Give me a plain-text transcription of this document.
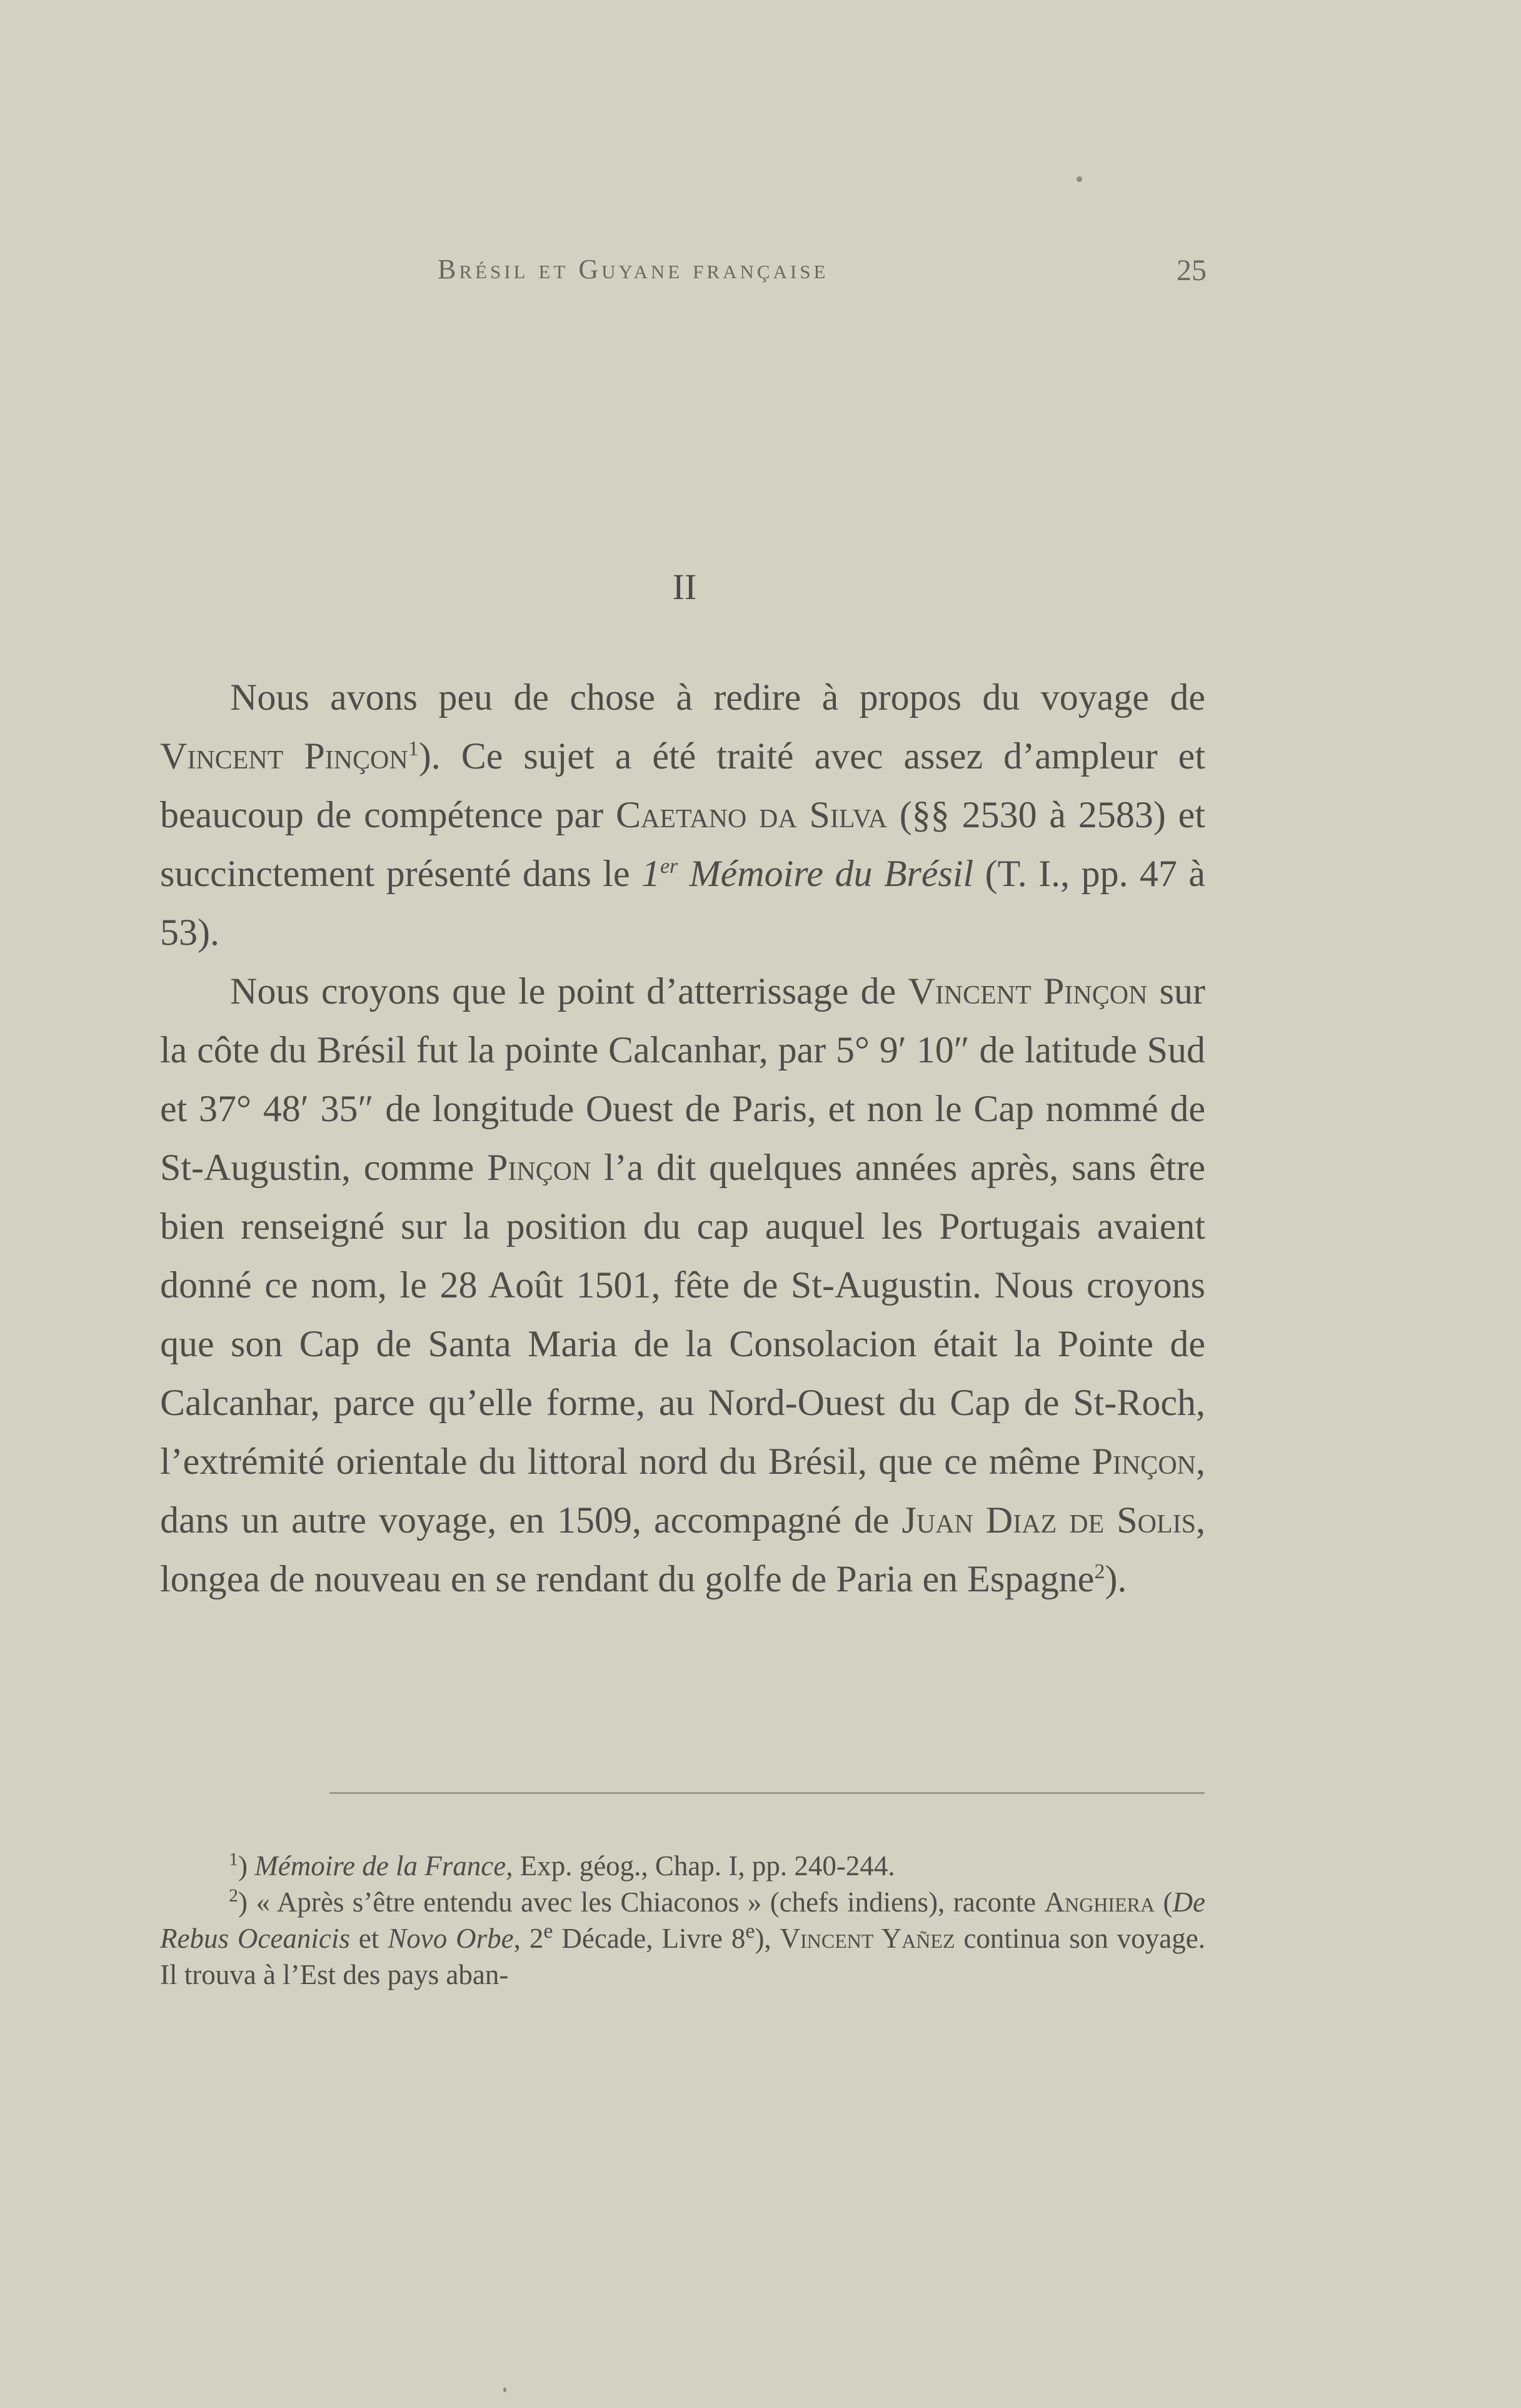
Brésil et Guyane française	25
II

Nous avons peu de chose à redire à propos du voyage de Vincent Pinçon$^1$). Ce sujet a été traité avec assez d’ampleur et beaucoup de compétence par Caetano da Silva (§§ 2530 à 2583) et succinctement présenté dans le 1er Mémoire du Brésil (T. I., pp. 47 à 53).

Nous croyons que le point d’atterrissage de Vincent Pinçon sur la côte du Brésil fut la pointe Calcanhar, par 5° 9′ 10″ de latitude Sud et 37° 48′ 35″ de longitude Ouest de Paris, et non le Cap nommé de St-Augustin, comme Pinçon l’a dit quelques années après, sans être bien renseigné sur la position du cap auquel les Portugais avaient donné ce nom, le 28 Août 1501, fête de St-Augustin. Nous croyons que son Cap de Santa Maria de la Consolacion était la Pointe de Calcanhar, parce qu’elle forme, au Nord-Ouest du Cap de St-Roch, l’extrémité orientale du littoral nord du Brésil, que ce même Pinçon, dans un autre voyage, en 1509, accompagné de Juan Diaz de Solis, longea de nouveau en se rendant du golfe de Paria en Espagne$^2$).

$^1$) Mémoire de la France, Exp. géog., Chap. I, pp. 240-244.

$^2$) « Après s’être entendu avec les Chiaconos » (chefs indiens), raconte Anghiera (De Rebus Oceanicis et Novo Orbe, 2e Décade, Livre 8e), Vincent Yañez continua son voyage. Il trouva à l’Est des pays aban-
